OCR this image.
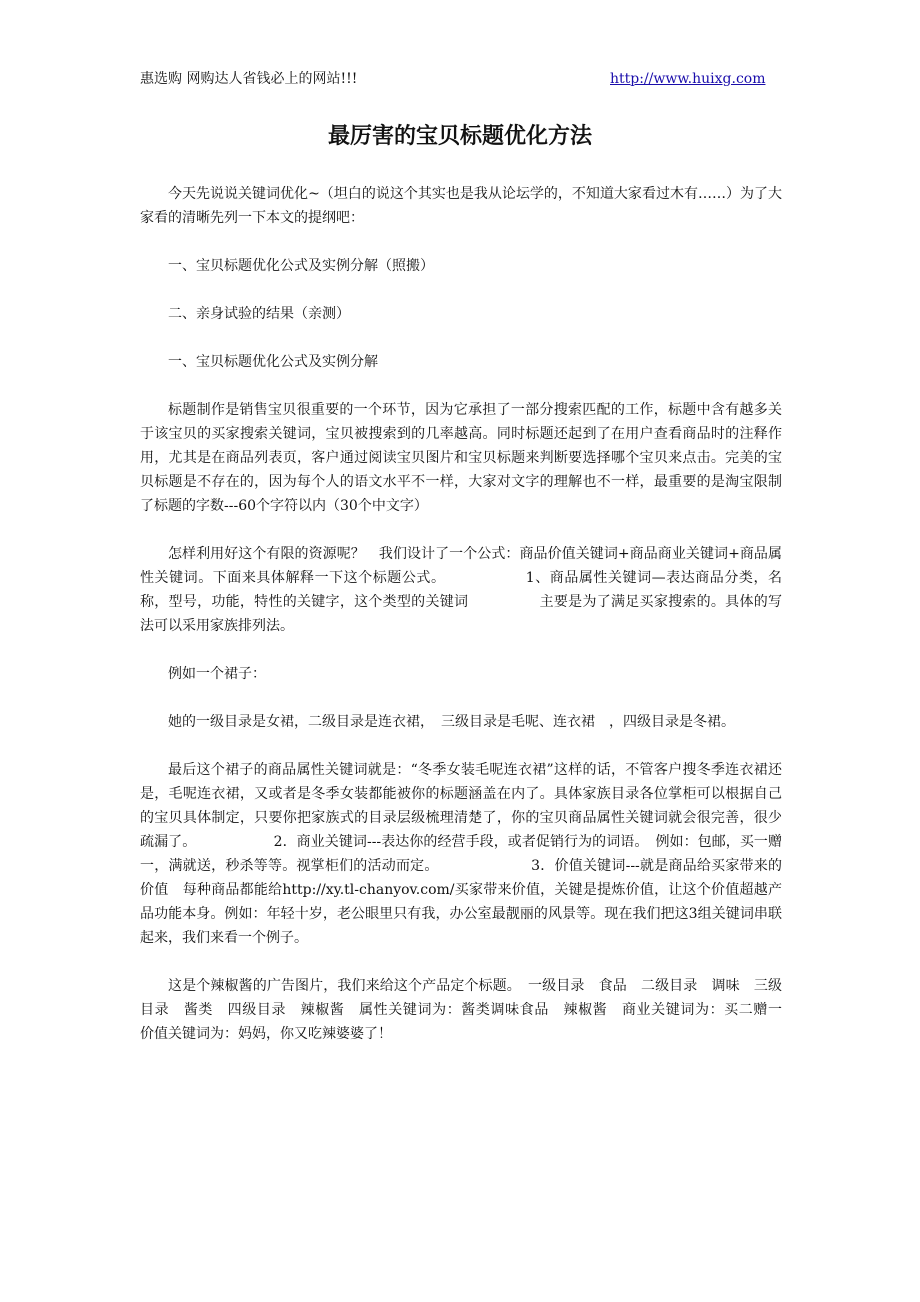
惠选购 网购达人省钱必上的网站!!!	http://www.huixg.com
最厉害的宝贝标题优化方法

今天先说说关键词优化~（坦白的说这个其实也是我从论坛学的，不知道大家看过木有……）为了大家看的清晰先列一下本文的提纲吧：

一、宝贝标题优化公式及实例分解（照搬）

二、亲身试验的结果（亲测）

一、宝贝标题优化公式及实例分解

标题制作是销售宝贝很重要的一个环节，因为它承担了一部分搜索匹配的工作，标题中含有越多关于该宝贝的买家搜索关键词，宝贝被搜索到的几率越高。同时标题还起到了在用户查看商品时的注释作用，尤其是在商品列表页，客户通过阅读宝贝图片和宝贝标题来判断要选择哪个宝贝来点击。完美的宝贝标题是不存在的，因为每个人的语文水平不一样，大家对文字的理解也不一样，最重要的是淘宝限制了标题的字数---60个字符以内（30个中文字）

怎样利用好这个有限的资源呢？　我们设计了一个公式：商品价值关键词+商品商业关键词+商品属性关键词。下面来具体解释一下这个标题公式。　　　　　　1、商品属性关键词—表达商品分类，名称，型号，功能，特性的关键字，这个类型的关键词　　　　　主要是为了满足买家搜索的。具体的写法可以采用家族排列法。

例如一个裙子：

她的一级目录是女裙，二级目录是连衣裙，　三级目录是毛呢、连衣裙　，四级目录是冬裙。

最后这个裙子的商品属性关键词就是：“冬季女装毛呢连衣裙”这样的话，不管客户搜冬季连衣裙还是，毛呢连衣裙，又或者是冬季女装都能被你的标题涵盖在内了。具体家族目录各位掌柜可以根据自己的宝贝具体制定，只要你把家族式的目录层级梳理清楚了，你的宝贝商品属性关键词就会很完善，很少疏漏了。　　　　　　2．商业关键词---表达你的经营手段，或者促销行为的词语。　例如：包邮，买一赠一，满就送，秒杀等等。视掌柜们的活动而定。　　　　　　　3．价值关键词---就是商品给买家带来的价值　每种商品都能给http://xy.tl-chanyov.com/买家带来价值，关键是提炼价值，让这个价值超越产品功能本身。例如：年轻十岁，老公眼里只有我，办公室最靓丽的风景等。现在我们把这3组关键词串联起来，我们来看一个例子。

这是个辣椒酱的广告图片，我们来给这个产品定个标题。　一级目录　食品　二级目录　调味　三级目录　酱类　四级目录　辣椒酱　属性关键词为：酱类调味食品　辣椒酱　商业关键词为：买二赠一　　　　价值关键词为：妈妈，你又吃辣婆婆了！
